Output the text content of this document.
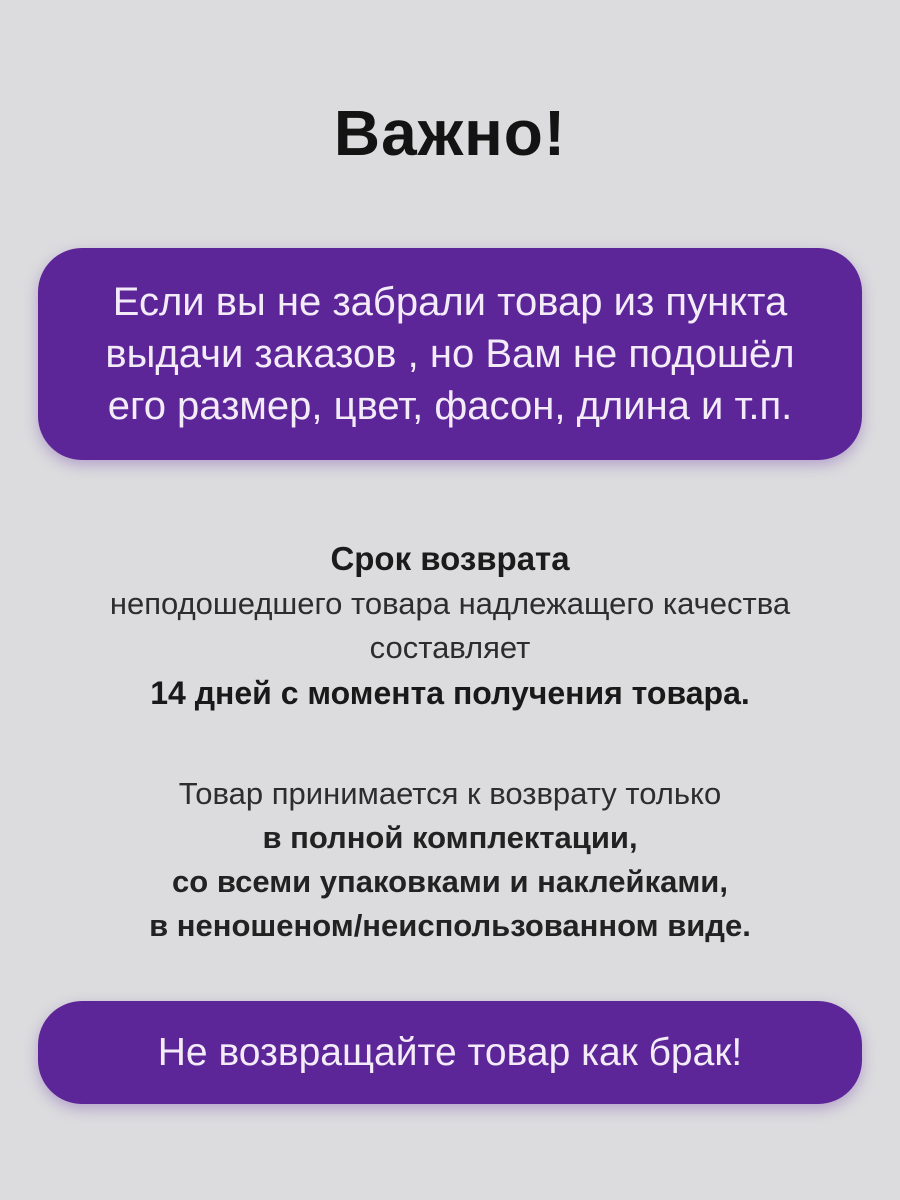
Важно!
Если вы не забрали товар из пункта
выдачи заказов , но Вам не подошёл
его размер, цвет, фасон, длина и т.п.
Срок возврата
неподошедшего товара надлежащего качества
составляет
14 дней с момента получения товара.
Товар принимается к возврату только
в полной комплектации,
со всеми упаковками и наклейками,
в неношеном/неиспользованном виде.
Не возвращайте товар как брак!
